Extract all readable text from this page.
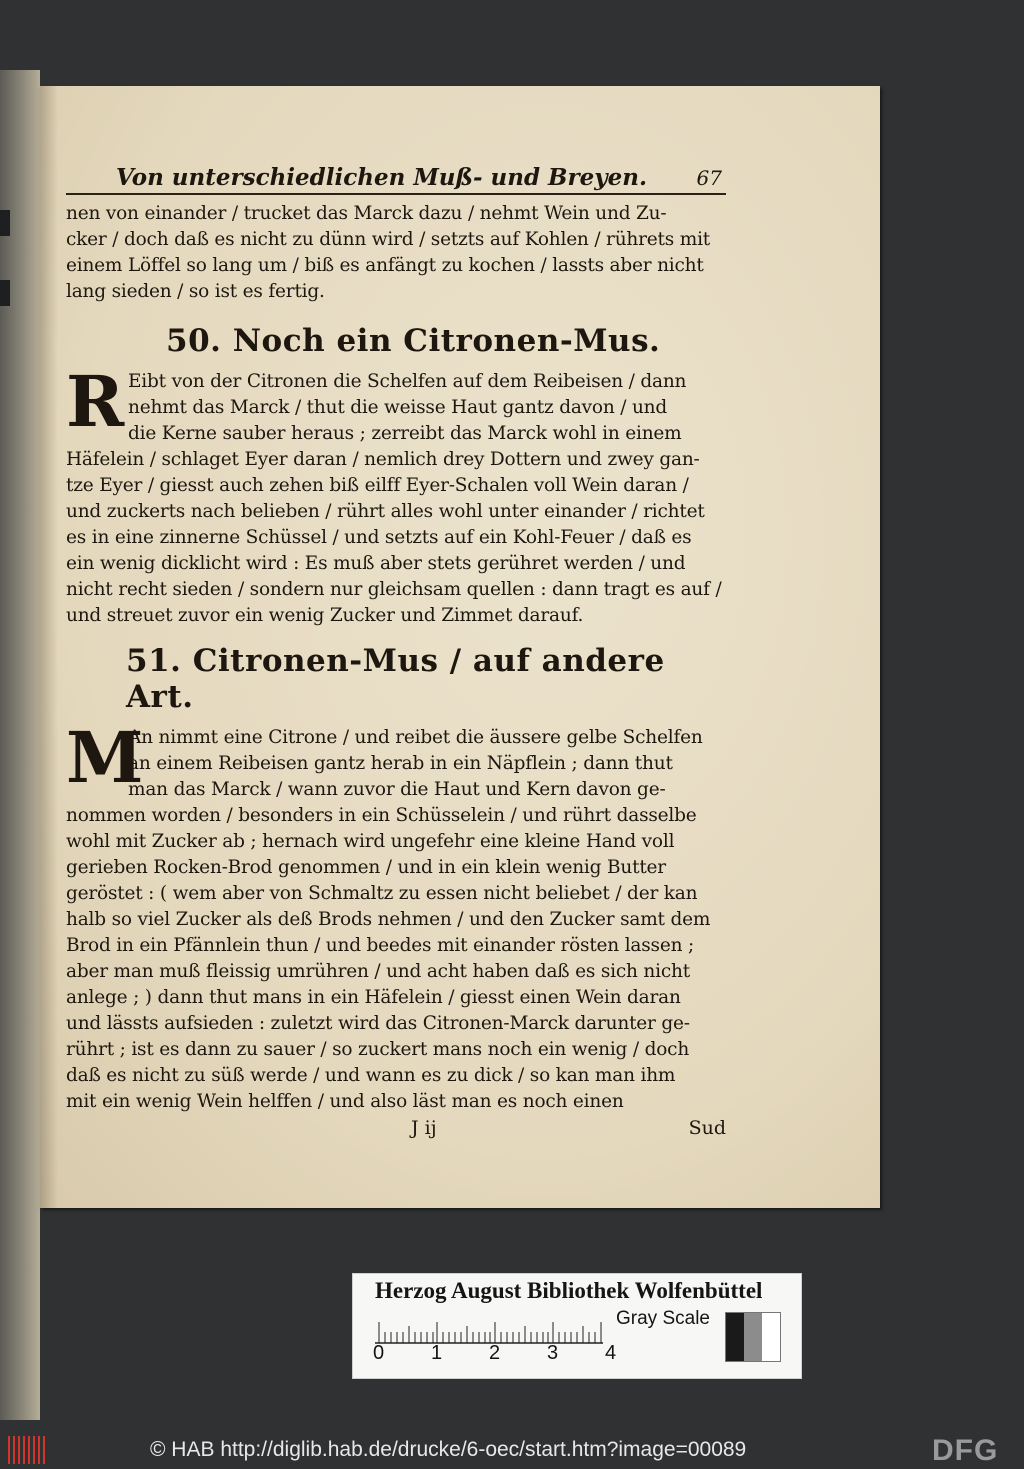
Von unterschiedlichen Muß- und Breyen. 67
nen von einander / trucket das Marck dazu / nehmt Wein und Zu-
cker / doch daß es nicht zu dünn wird / setzts auf Kohlen / rührets mit
einem Löffel so lang um / biß es anfängt zu kochen / lassts aber nicht
lang sieden / so ist es fertig.
50. Noch ein Citronen-Mus.
R Eibt von der Citronen die Schelfen auf dem Reibeisen / dann
nehmt das Marck / thut die weisse Haut gantz davon / und
die Kerne sauber heraus ; zerreibt das Marck wohl in einem
Häfelein / schlaget Eyer daran / nemlich drey Dottern und zwey gan-
tze Eyer / giesst auch zehen biß eilff Eyer-Schalen voll Wein daran /
und zuckerts nach belieben / rührt alles wohl unter einander / richtet
es in eine zinnerne Schüssel / und setzts auf ein Kohl-Feuer / daß es
ein wenig dicklicht wird : Es muß aber stets gerühret werden / und
nicht recht sieden / sondern nur gleichsam quellen : dann tragt es auf /
und streuet zuvor ein wenig Zucker und Zimmet darauf.
51. Citronen-Mus / auf andere Art.
M
An nimmt eine Citrone / und reibet die äussere gelbe Schelfen
an einem Reibeisen gantz herab in ein Näpflein ; dann thut
man das Marck / wann zuvor die Haut und Kern davon ge-
nommen worden / besonders in ein Schüsselein / und rührt dasselbe
wohl mit Zucker ab ; hernach wird ungefehr eine kleine Hand voll
gerieben Rocken-Brod genommen / und in ein klein wenig Butter
geröstet : ( wem aber von Schmaltz zu essen nicht beliebet / der kan
halb so viel Zucker als deß Brods nehmen / und den Zucker samt dem
Brod in ein Pfännlein thun / und beedes mit einander rösten lassen ;
aber man muß fleissig umrühren / und acht haben daß es sich nicht
anlege ; ) dann thut mans in ein Häfelein / giesst einen Wein daran
und lässts aufsieden : zuletzt wird das Citronen-Marck darunter ge-
rührt ; ist es dann zu sauer / so zuckert mans noch ein wenig / doch
daß es nicht zu süß werde / und wann es zu dick / so kan man ihm
mit ein wenig Wein helffen / und also läst man es noch einen
J ij	Sud
Herzog August Bibliothek Wolfenbüttel
0 1 2 3 4
Gray Scale
© HAB http://diglib.hab.de/drucke/6-oec/start.htm?image=00089	DFG
